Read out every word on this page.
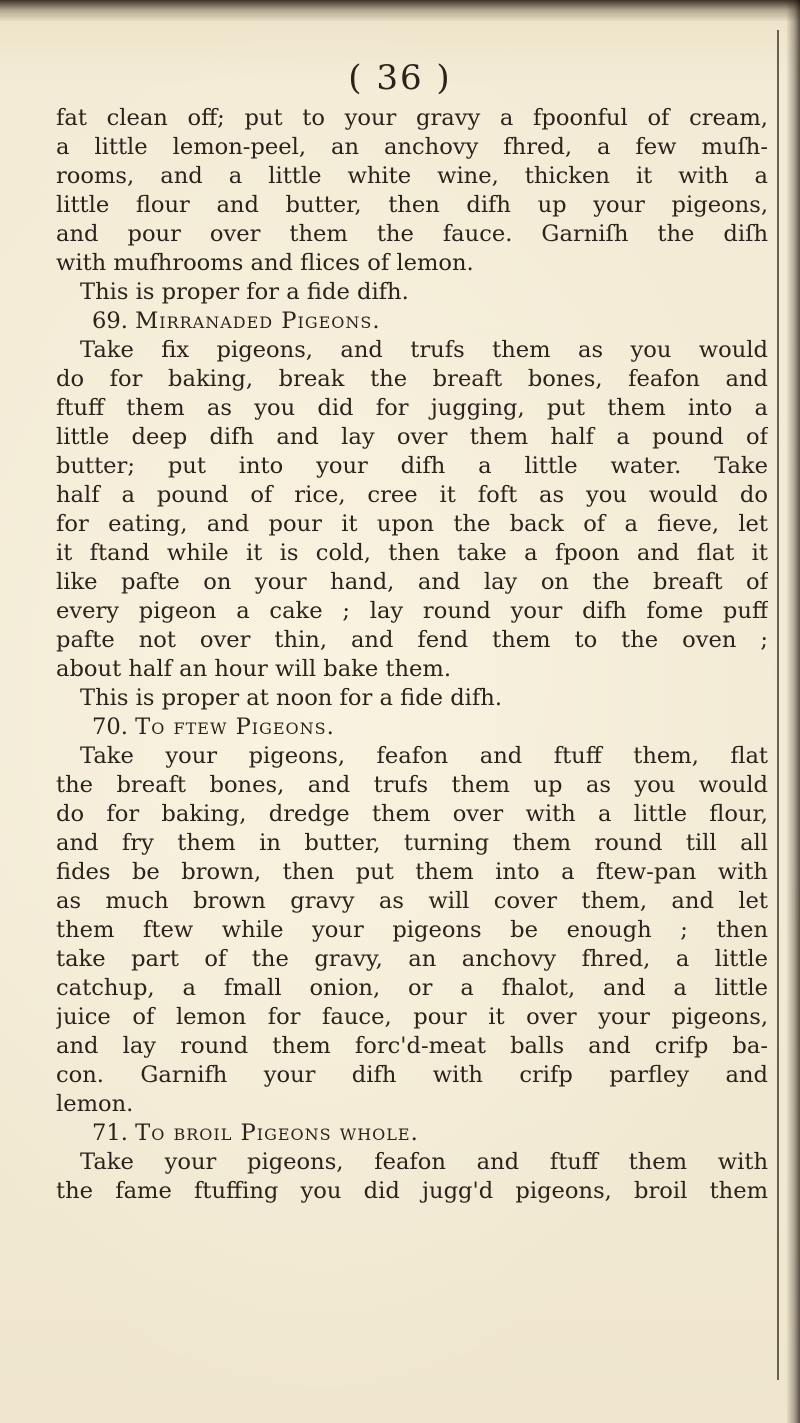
( 36 )
fat clean off; put to your gravy a fpoonful of cream,
a little lemon-peel, an anchovy fhred, a few muſh-
rooms, and a little white wine, thicken it with a
little flour and butter, then difh up your pigeons,
and pour over them the fauce. Garniſh the diſh
with mufhrooms and flices of lemon.
This is proper for a fide difh.
69. Mirranaded Pigeons.
Take fix pigeons, and trufs them as you would
do for baking, break the breaft bones, feafon and
ftuff them as you did for jugging, put them into a
little deep difh and lay over them half a pound of
butter; put into your difh a little water. Take
half a pound of rice, cree it foft as you would do
for eating, and pour it upon the back of a fieve, let
it ftand while it is cold, then take a fpoon and flat it
like pafte on your hand, and lay on the breaft of
every pigeon a cake ; lay round your difh fome puff
pafte not over thin, and fend them to the oven ;
about half an hour will bake them.
This is proper at noon for a fide difh.
70. To ftew Pigeons.
Take your pigeons, feafon and ftuff them, flat
the breaft bones, and trufs them up as you would
do for baking, dredge them over with a little flour,
and fry them in butter, turning them round till all
fides be brown, then put them into a ftew-pan with
as much brown gravy as will cover them, and let
them ftew while your pigeons be enough ; then
take part of the gravy, an anchovy fhred, a little
catchup, a fmall onion, or a fhalot, and a little
juice of lemon for fauce, pour it over your pigeons,
and lay round them forc'd-meat balls and crifp ba-
con. Garnifh your difh with crifp parfley and
lemon.
71. To broil Pigeons whole.
Take your pigeons, feafon and ftuff them with
the fame ftuffing you did jugg'd pigeons, broil them
